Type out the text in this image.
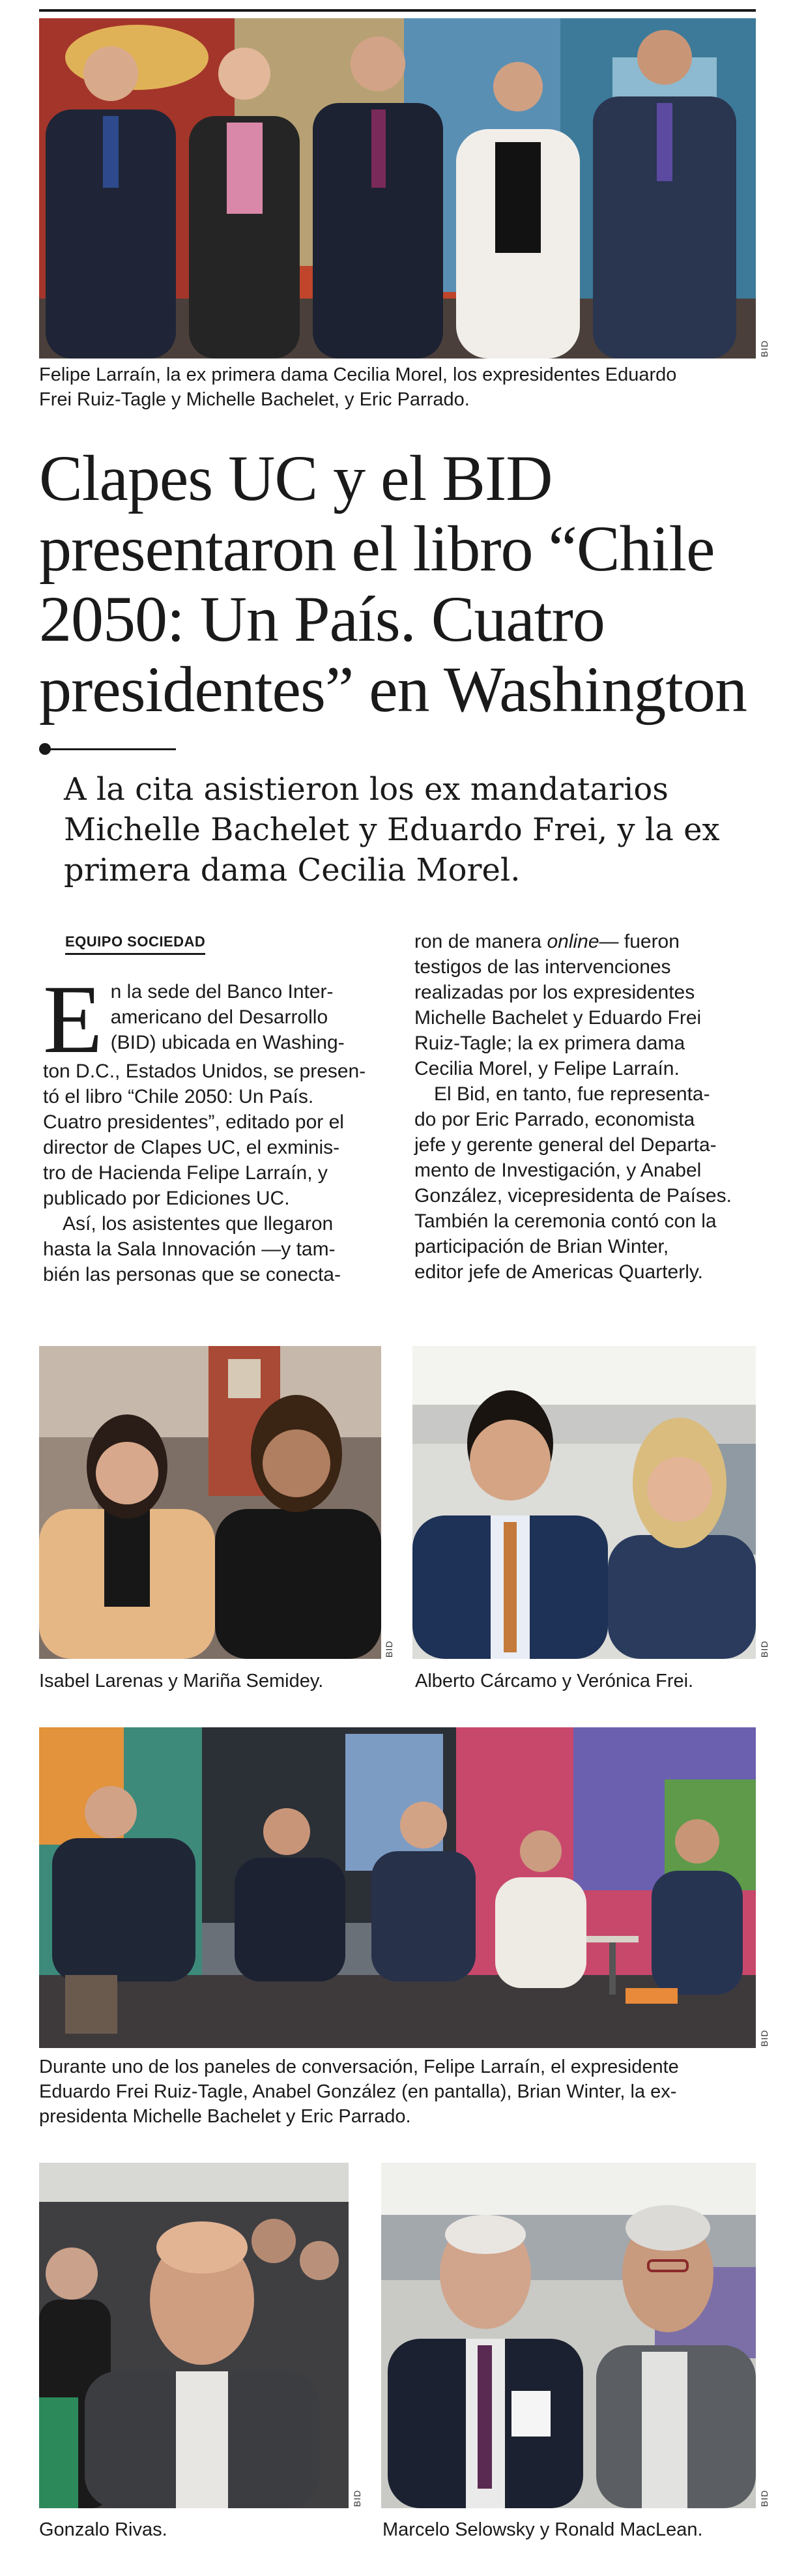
BID
Felipe Larraín, la ex primera dama Cecilia Morel, los expresidentes Eduardo
Frei Ruiz-Tagle y Michelle Bachelet, y Eric Parrado.
Clapes UC y el BID
presentaron el libro “Chile
2050: Un País. Cuatro
presidentes” en Washington
A la cita asistieron los ex mandatarios
Michelle Bachelet y Eduardo Frei, y la ex
primera dama Cecilia Morel.
EQUIPO SOCIEDAD
E n la sede del Banco Inter-
americano del Desarrollo
(BID) ubicada en Washing-
ton D.C., Estados Unidos, se presen-
tó el libro “Chile 2050: Un País.
Cuatro presidentes”, editado por el
director de Clapes UC, el exminis-
tro de Hacienda Felipe Larraín, y
publicado por Ediciones UC.
Así, los asistentes que llegaron
hasta la Sala Innovación —y tam-
bién las personas que se conecta-
ron de manera online— fueron
testigos de las intervenciones
realizadas por los expresidentes
Michelle Bachelet y Eduardo Frei
Ruiz-Tagle; la ex primera dama
Cecilia Morel, y Felipe Larraín.
El Bid, en tanto, fue representa-
do por Eric Parrado, economista
jefe y gerente general del Departa-
mento de Investigación, y Anabel
González, vicepresidenta de Países.
También la ceremonia contó con la
participación de Brian Winter,
editor jefe de Americas Quarterly.
BID	BID
Isabel Larenas y Mariña Semidey.	Alberto Cárcamo y Verónica Frei.
BID
Durante uno de los paneles de conversación, Felipe Larraín, el expresidente
Eduardo Frei Ruiz-Tagle, Anabel González (en pantalla), Brian Winter, la ex-
presidenta Michelle Bachelet y Eric Parrado.
BID	BID
Gonzalo Rivas.	Marcelo Selowsky y Ronald MacLean.
